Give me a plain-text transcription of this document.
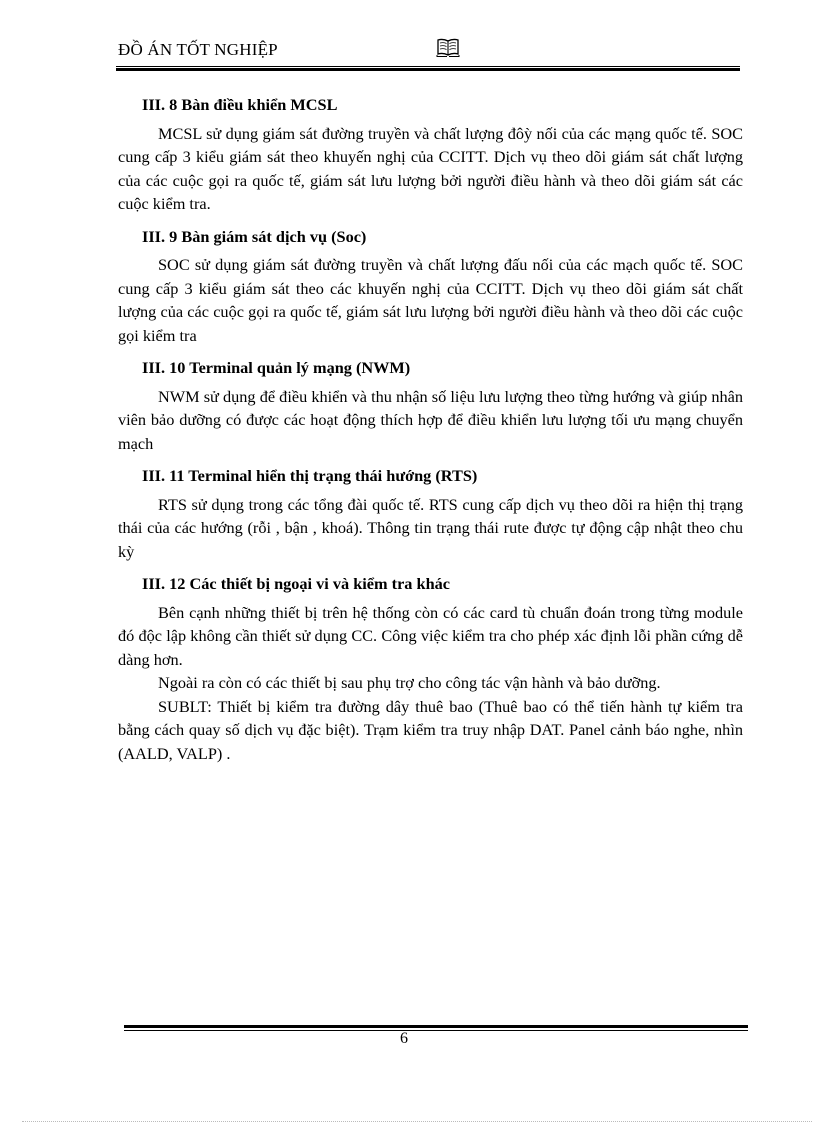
ĐỒ ÁN TỐT NGHIỆP
III. 8 Bàn điều khiển MCSL
MCSL sử dụng giám sát đường truyền và chất lượng đôỳ nối của các mạng quốc tế. SOC cung cấp 3 kiểu giám sát theo khuyến nghị của CCITT. Dịch vụ theo dõi giám sát chất lượng của các cuộc gọi ra quốc tế, giám sát lưu lượng bởi người điều hành và theo dõi giám sát các cuộc kiểm tra.
III. 9 Bàn giám sát dịch vụ (Soc)
SOC sử dụng giám sát đường truyền và chất lượng đấu nối của các mạch quốc tế. SOC cung cấp 3 kiểu giám sát theo các khuyến nghị của CCITT. Dịch vụ theo dõi giám sát chất lượng của các cuộc gọi ra quốc tế, giám sát lưu lượng bởi người điều hành và theo dõi các cuộc gọi kiểm tra
III. 10 Terminal quản lý mạng (NWM)
NWM sử dụng để điều khiển và thu nhận số liệu lưu lượng theo từng hướng và giúp nhân viên bảo dưỡng có được các hoạt động thích hợp để điều khiển lưu lượng tối ưu mạng chuyển mạch
III. 11 Terminal hiển thị trạng thái hướng (RTS)
RTS sử dụng trong các tổng đài quốc tế. RTS cung cấp dịch vụ theo dõi ra hiện thị trạng thái của các hướng (rỗi , bận , khoá). Thông tin trạng thái rute được tự động cập nhật theo chu kỳ
III. 12 Các thiết bị ngoại vi và kiểm tra khác
Bên cạnh những thiết bị trên hệ thống còn có các card tù chuẩn đoán trong từng module đó độc lập không cần thiết sử dụng CC. Công việc kiểm tra cho phép xác định lỗi phần cứng dễ dàng hơn.
Ngoài ra còn có các thiết bị sau phụ trợ cho công tác vận hành và bảo dưỡng.
SUBLT: Thiết bị kiểm tra đường dây thuê bao (Thuê bao có thể tiến hành tự kiểm tra bằng cách quay số dịch vụ đặc biệt). Trạm kiểm tra truy nhập DAT. Panel cảnh báo nghe, nhìn (AALD, VALP) .
6
